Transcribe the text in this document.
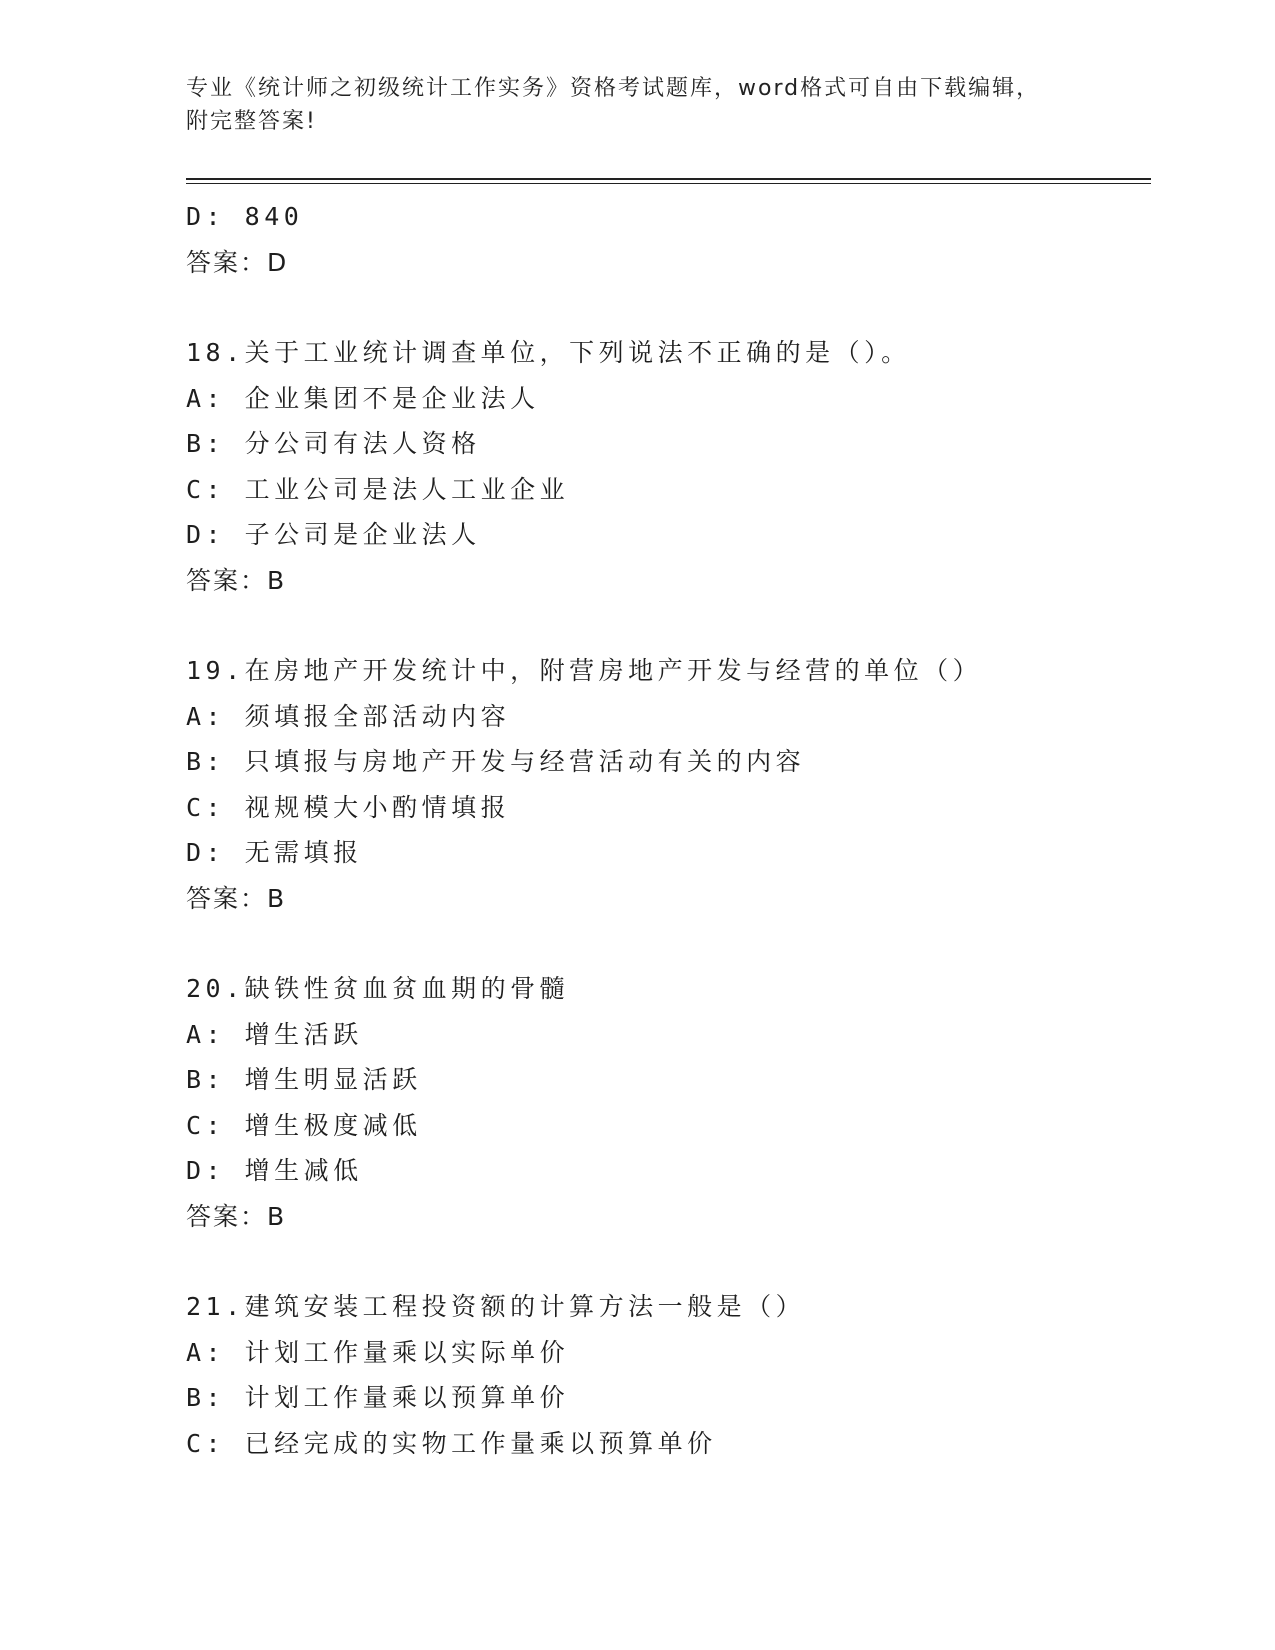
专业《统计师之初级统计工作实务》资格考试题库，word格式可自由下载编辑，
附完整答案!
D: 840
答案：D
18.关于工业统计调查单位，下列说法不正确的是（）。
A: 企业集团不是企业法人
B: 分公司有法人资格
C: 工业公司是法人工业企业
D: 子公司是企业法人
答案：B
19.在房地产开发统计中，附营房地产开发与经营的单位（）
A: 须填报全部活动内容
B: 只填报与房地产开发与经营活动有关的内容
C: 视规模大小酌情填报
D: 无需填报
答案：B
20.缺铁性贫血贫血期的骨髓
A: 增生活跃
B: 增生明显活跃
C: 增生极度减低
D: 增生减低
答案：B
21.建筑安装工程投资额的计算方法一般是（）
A: 计划工作量乘以实际单价
B: 计划工作量乘以预算单价
C: 已经完成的实物工作量乘以预算单价
